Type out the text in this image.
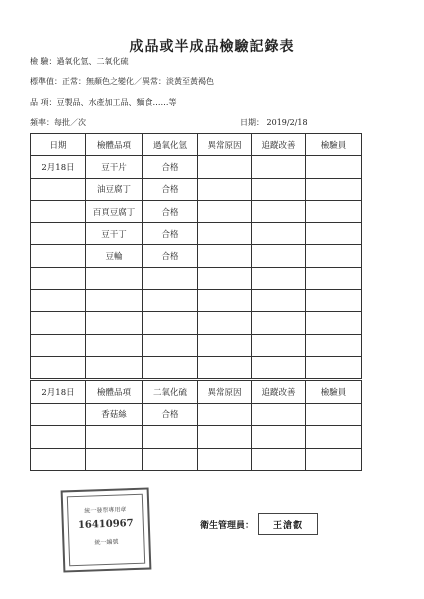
成品或半成品檢驗記錄表
檢 驗：過氧化氫、二氧化硫
標準值：正常：無顏色之變化／異常：淡黃至黃褐色
品 項：豆製品、水產加工品、麵食……等
頻率：每批／次	日期： 2019/2/18
日期	檢體品項	過氧化氫	異常原因	追蹤改善	檢驗員
2月18日	豆干片	合格			
	油豆腐丁	合格			
	百頁豆腐丁	合格			
	豆干丁	合格			
	豆輪	合格			

2月18日	檢體品項	二氧化硫	異常原因	追蹤改善	檢驗員
	香菇絲	合格			

統一發票專用章
16410967
統一編號
衛生管理員：	王滄叡
